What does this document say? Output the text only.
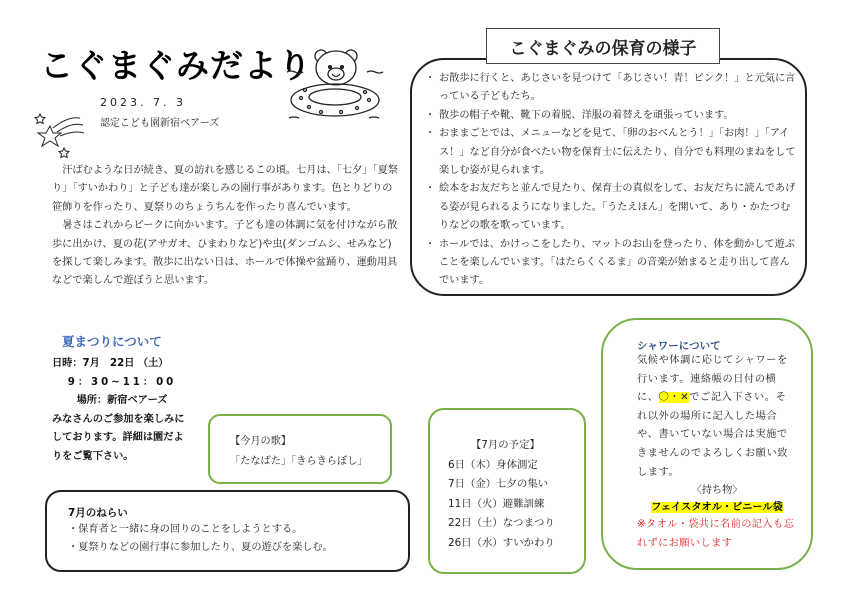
こぐまぐみだより
2023. 7. 3
認定こども園新宿ベアーズ

汗ばむような日が続き、夏の訪れを感じるこの頃。七月は、「七夕」「夏祭り」「すいかわり」と子ども達が楽しみの園行事があります。色とりどりの笹飾りを作ったり、夏祭りのちょうちんを作ったり喜んでいます。

暑さはこれからピークに向かいます。子ども達の体調に気を付けながら散歩に出かけ、夏の花(アサガオ、ひまわりなど)や虫(ダンゴムシ、せみなど)を探して楽しみます。散歩に出ない日は、ホールで体操や盆踊り、運動用具などで楽しんで遊ぼうと思います。

こぐまぐみの保育の様子
・ お散歩に行くと、あじさいを見つけて「あじさい！青！ピンク！」と元気に言っている子どもたち。
・ 散歩の帽子や靴、靴下の着脱、洋服の着替えを頑張っています。
・ おままごとでは、メニューなどを見て、「卵のおべんとう！」「お肉！」「アイス！」など自分が食べたい物を保育士に伝えたり、自分でも料理のまねをして楽しむ姿が見られます。
・ 絵本をお友だちと並んで見たり、保育士の真似をして、お友だちに読んであげる姿が見られるようになりました。「うたえほん」を開いて、あり・かたつむりなどの歌を歌っています。
・ ホールでは、かけっこをしたり、マットのお山を登ったり、体を動かして遊ぶことを楽しんでいます。「はたらくくるま」の音楽が始まると走り出して喜んでいます。
夏まつりについて
日時：7月　22日 （土）
9：30~11：00
場所：新宿ベアーズ
みなさんのご参加を楽しみにしております。詳細は園だよりをご覧下さい。
【今月の歌】
「たなばた」「きらきらぼし」
【7月の予定】
6日（木）身体測定
7日（金）七夕の集い
11日（火）避難訓練
22日（土）なつまつり
26日（水）すいかわり
シャワーについて
気候や体調に応じてシャワーを行います。連絡帳の日付の横に、〇・✕でご記入下さい。それ以外の場所に記入した場合や、書いていない場合は実施できませんのでよろしくお願い致します。
〈持ち物〉
フェイスタオル・ビニール袋
※タオル・袋共に名前の記入も忘れずにお願いします
7月のねらい
・保育者と一緒に身の回りのことをしようとする。
・夏祭りなどの園行事に参加したり、夏の遊びを楽しむ。
